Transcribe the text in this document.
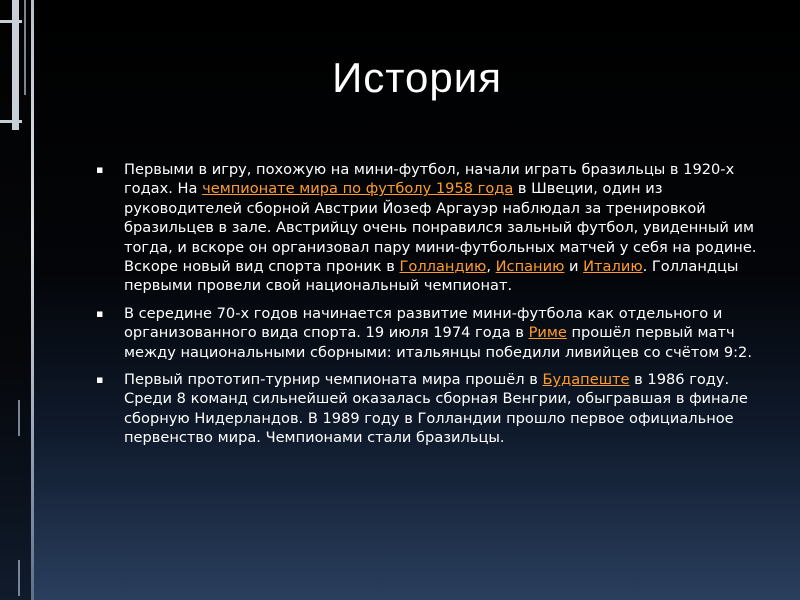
История
▪ Первыми в игру, похожую на мини-футбол, начали играть бразильцы в 1920-х годах. На чемпионате мира по футболу 1958 года в Швеции, один из руководителей сборной Австрии Йозеф Аргауэр наблюдал за тренировкой бразильцев в зале. Австрийцу очень понравился зальный футбол, увиденный им тогда, и вскоре он организовал пару мини-футбольных матчей у себя на родине. Вскоре новый вид спорта проник в Голландию, Испанию и Италию. Голландцы первыми провели свой национальный чемпионат.
▪ В середине 70-х годов начинается развитие мини-футбола как отдельного и организованного вида спорта. 19 июля 1974 года в Риме прошёл первый матч между национальными сборными: итальянцы победили ливийцев со счётом 9:2.
▪ Первый прототип-турнир чемпионата мира прошёл в Будапеште в 1986 году. Среди 8 команд сильнейшей оказалась сборная Венгрии, обыгравшая в финале сборную Нидерландов. В 1989 году в Голландии прошло первое официальное первенство мира. Чемпионами стали бразильцы.
